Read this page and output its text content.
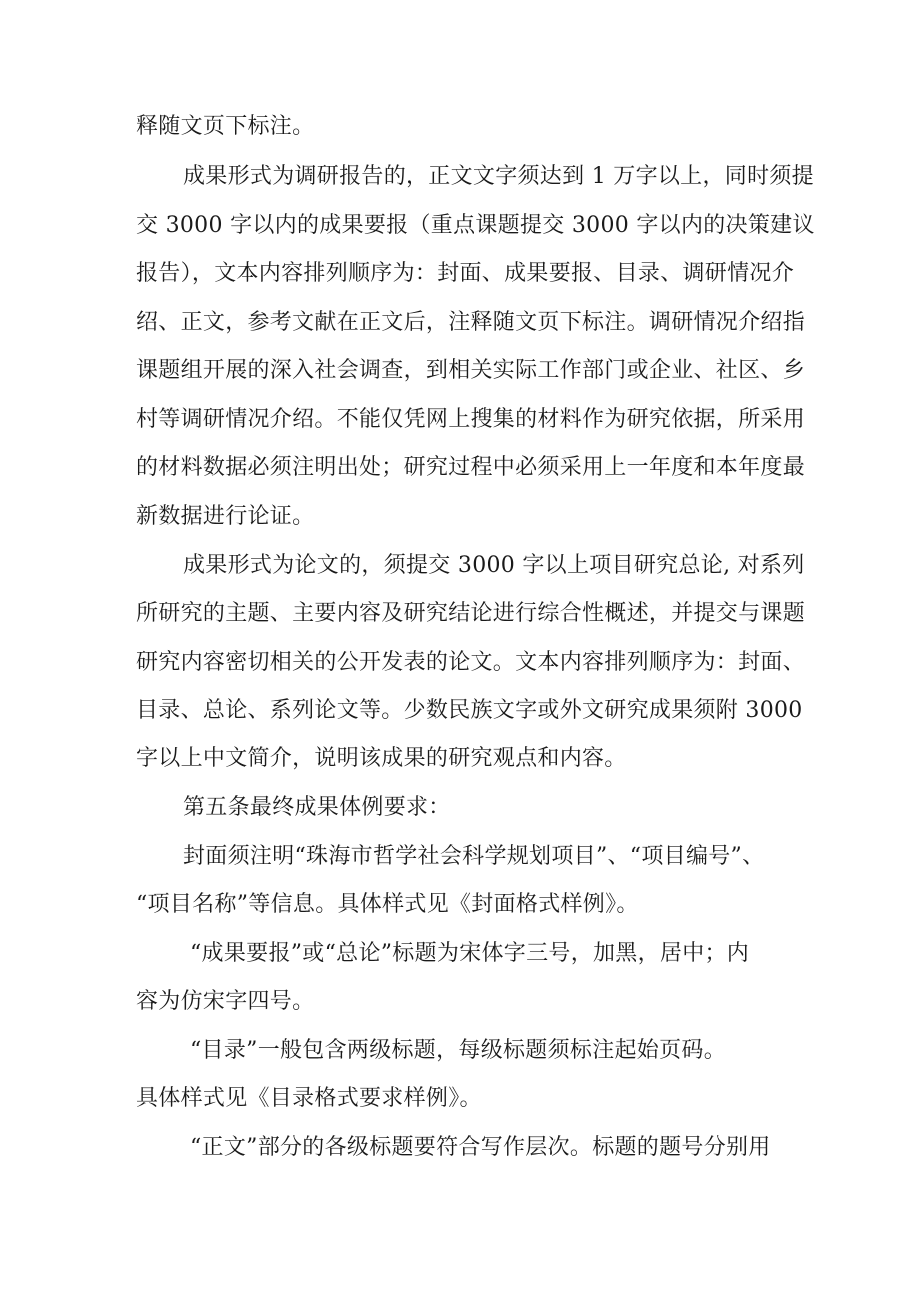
释随文页下标注。

成果形式为调研报告的，正文文字须达到 1 万字以上，同时须提

交 3000 字以内的成果要报（重点课题提交 3000 字以内的决策建议

报告），文本内容排列顺序为：封面、成果要报、目录、调研情况介

绍、正文，参考文献在正文后，注释随文页下标注。调研情况介绍指

课题组开展的深入社会调查，到相关实际工作部门或企业、社区、乡

村等调研情况介绍。不能仅凭网上搜集的材料作为研究依据，所采用

的材料数据必须注明出处；研究过程中必须采用上一年度和本年度最

新数据进行论证。

成果形式为论文的，须提交 3000 字以上项目研究总论, 对系列

所研究的主题、主要内容及研究结论进行综合性概述，并提交与课题

研究内容密切相关的公开发表的论文。文本内容排列顺序为：封面、

目录、总论、系列论文等。少数民族文字或外文研究成果须附 3000

字以上中文简介，说明该成果的研究观点和内容。

第五条最终成果体例要求：

封面须注明“珠海市哲学社会科学规划项目”、“项目编号”、

“项目名称”等信息。具体样式见《封面格式样例》。

“成果要报”或“总论”标题为宋体字三号，加黑，居中；内

容为仿宋字四号。

“目录”一般包含两级标题，每级标题须标注起始页码。

具体样式见《目录格式要求样例》。

“正文”部分的各级标题要符合写作层次。标题的题号分别用
